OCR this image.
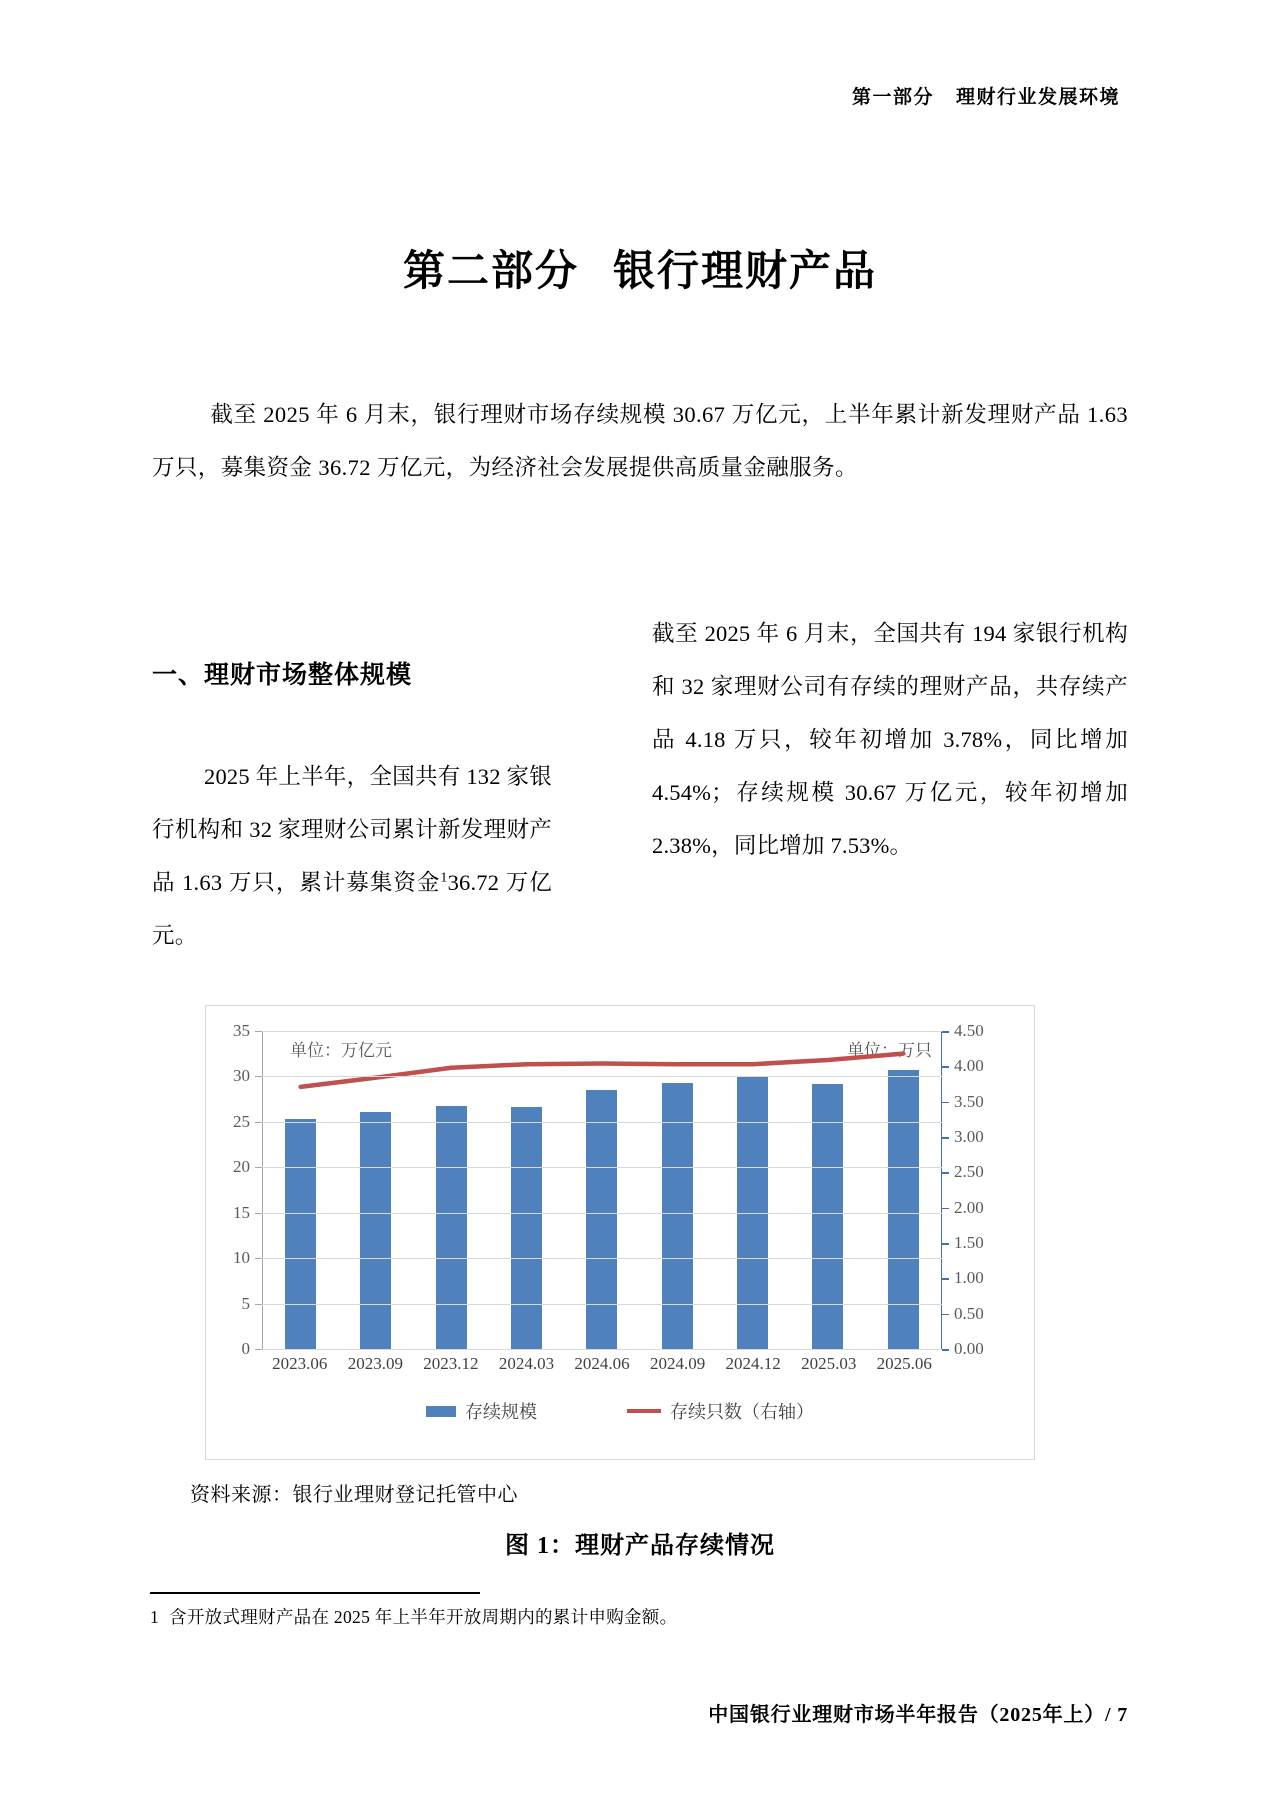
第一部分 理财行业发展环境
第二部分 银行理财产品
截至 2025 年 6 月末，银行理财市场存续规模 30.67 万亿元，上半年累计新发理财产品 1.63 万只，募集资金 36.72 万亿元，为经济社会发展提供高质量金融服务。
一、理财市场整体规模
2025 年上半年，全国共有 132 家银行机构和 32 家理财公司累计新发理财产品 1.63 万只，累计募集资金$^1$36.72 万亿元。
截至 2025 年 6 月末，全国共有 194 家银行机构和 32 家理财公司有存续的理财产品，共存续产品 4.18 万只，较年初增加 3.78%，同比增加 4.54%；存续规模 30.67 万亿元，较年初增加 2.38%，同比增加 7.53%。
单位：万亿元	单位：万只
0
5
10
15
20
25
30
35
0.00
0.50
1.00
1.50
2.00
2.50
3.00
3.50
4.00
4.50
2023.06	2023.09	2023.12	2024.03	2024.06	2024.09	2024.12	2025.03	2025.06
存续规模	存续只数（右轴）
资料来源：银行业理财登记托管中心
图 1：理财产品存续情况
1 含开放式理财产品在 2025 年上半年开放周期内的累计申购金额。
中国银行业理财市场半年报告（2025年上）/ 7
